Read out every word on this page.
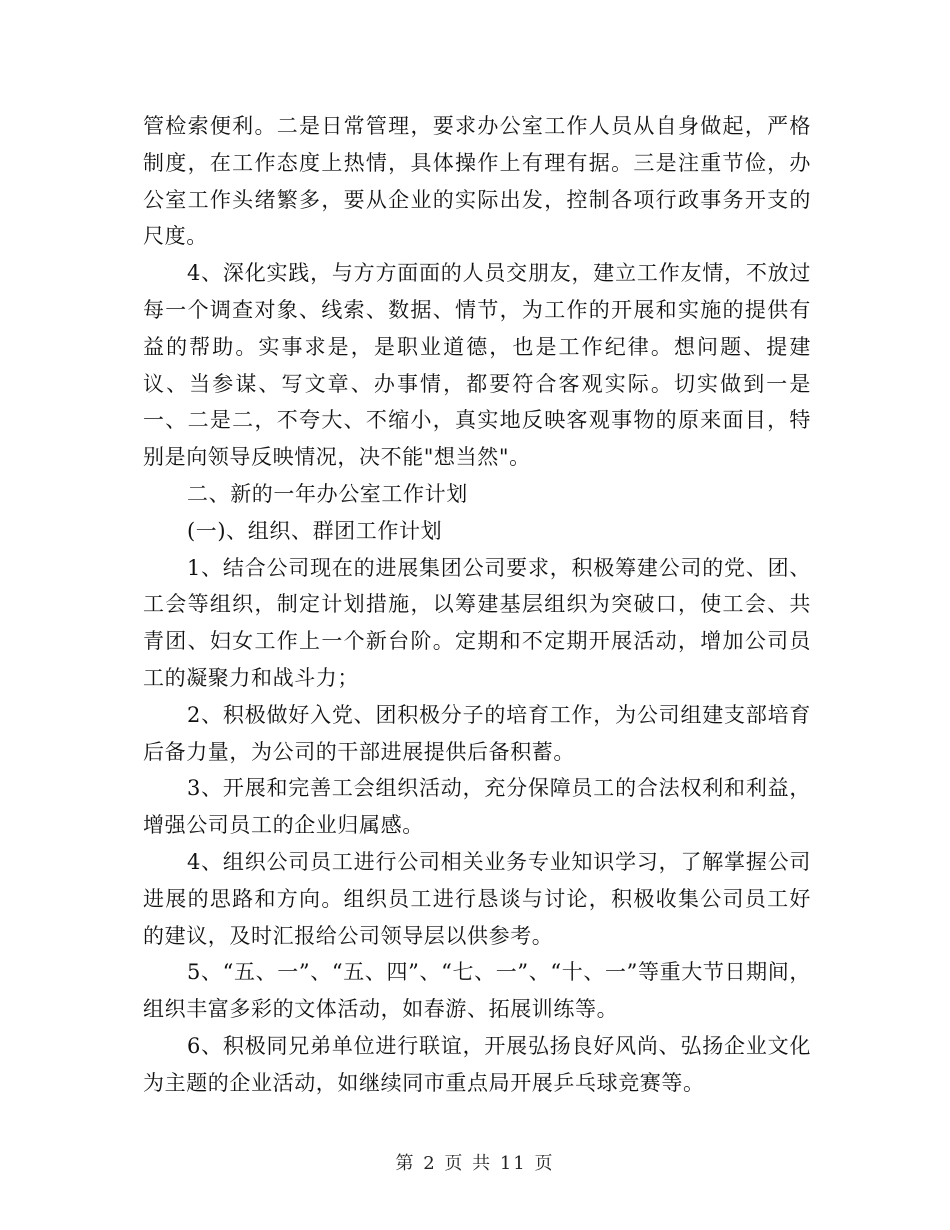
管检索便利。二是日常管理，要求办公室工作人员从自身做起，严格制度，在工作态度上热情，具体操作上有理有据。三是注重节俭，办公室工作头绪繁多，要从企业的实际出发，控制各项行政事务开支的尺度。

4、深化实践，与方方面面的人员交朋友，建立工作友情，不放过每一个调查对象、线索、数据、情节，为工作的开展和实施的提供有益的帮助。实事求是，是职业道德，也是工作纪律。想问题、提建议、当参谋、写文章、办事情，都要符合客观实际。切实做到一是一、二是二，不夸大、不缩小，真实地反映客观事物的原来面目，特别是向领导反映情况，决不能"想当然"。

二、新的一年办公室工作计划

(一)、组织、群团工作计划

1、结合公司现在的进展集团公司要求，积极筹建公司的党、团、工会等组织，制定计划措施，以筹建基层组织为突破口，使工会、共青团、妇女工作上一个新台阶。定期和不定期开展活动，增加公司员工的凝聚力和战斗力；

2、积极做好入党、团积极分子的培育工作，为公司组建支部培育后备力量，为公司的干部进展提供后备积蓄。

3、开展和完善工会组织活动，充分保障员工的合法权利和利益，增强公司员工的企业归属感。

4、组织公司员工进行公司相关业务专业知识学习，了解掌握公司进展的思路和方向。组织员工进行恳谈与讨论，积极收集公司员工好的建议，及时汇报给公司领导层以供参考。

5、“五、一”、“五、四”、“七、一”、“十、一”等重大节日期间，组织丰富多彩的文体活动，如春游、拓展训练等。

6、积极同兄弟单位进行联谊，开展弘扬良好风尚、弘扬企业文化为主题的企业活动，如继续同市重点局开展乒乓球竞赛等。

第 2 页 共 11 页
